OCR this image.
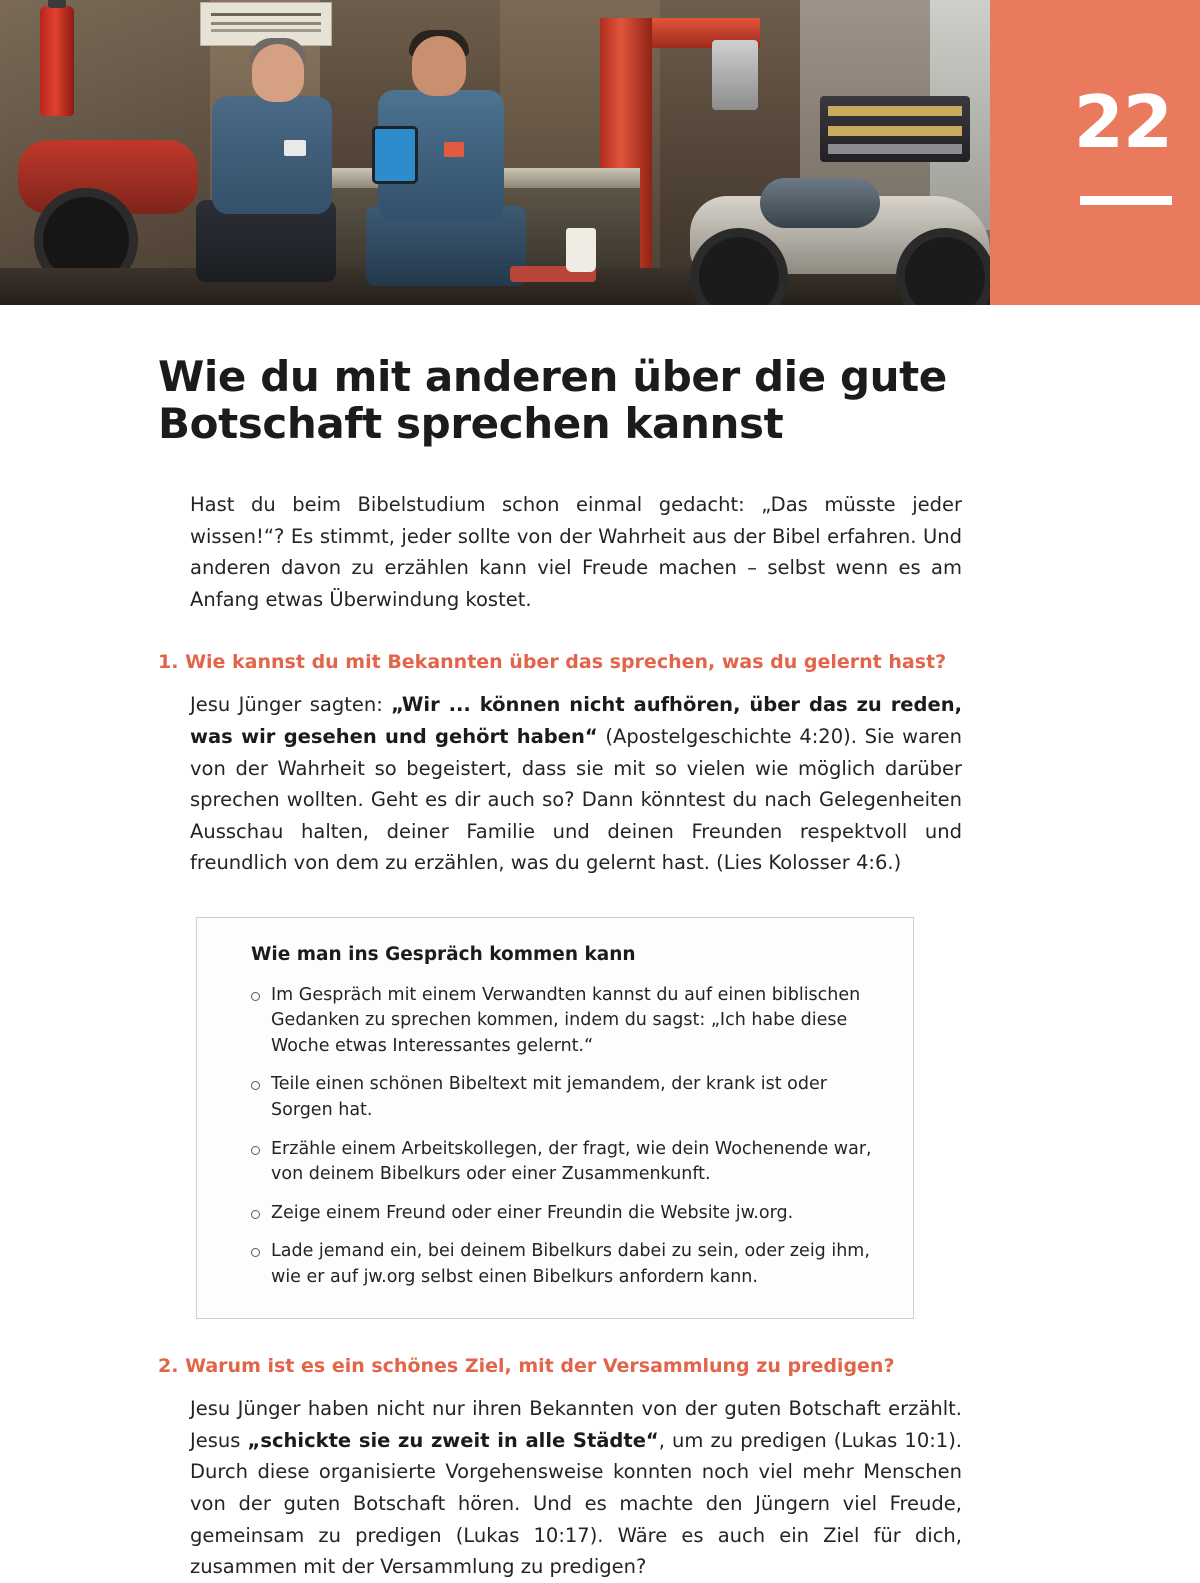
22
Wie du mit anderen über die gute Botschaft sprechen kannst

Hast du beim Bibelstudium schon einmal gedacht: „Das müsste jeder wissen!“? Es stimmt, jeder sollte von der Wahrheit aus der Bibel erfahren. Und anderen davon zu erzählen kann viel Freude machen – selbst wenn es am Anfang etwas Überwindung kostet.

1. Wie kannst du mit Bekannten über das sprechen, was du gelernt hast?

Jesu Jünger sagten: „Wir ... können nicht aufhören, über das zu reden, was wir gesehen und gehört haben“ (Apostelgeschichte 4:20). Sie waren von der Wahrheit so begeistert, dass sie mit so vielen wie möglich darüber sprechen wollten. Geht es dir auch so? Dann könntest du nach Gelegenheiten Ausschau halten, deiner Familie und deinen Freunden respektvoll und freundlich von dem zu erzählen, was du gelernt hast. (Lies Kolosser 4:6.)

Wie man ins Gespräch kommen kann
Im Gespräch mit einem Verwandten kannst du auf einen biblischen Gedanken zu sprechen kommen, indem du sagst: „Ich habe diese Woche etwas Interessantes gelernt.“
Teile einen schönen Bibeltext mit jemandem, der krank ist oder Sorgen hat.
Erzähle einem Arbeitskollegen, der fragt, wie dein Wochenende war, von deinem Bibelkurs oder einer Zusammenkunft.
Zeige einem Freund oder einer Freundin die Website jw.org.
Lade jemand ein, bei deinem Bibelkurs dabei zu sein, oder zeig ihm, wie er auf jw.org selbst einen Bibelkurs anfordern kann.
2. Warum ist es ein schönes Ziel, mit der Versammlung zu predigen?

Jesu Jünger haben nicht nur ihren Bekannten von der guten Botschaft erzählt. Jesus „schickte sie zu zweit in alle Städte“, um zu predigen (Lukas 10:1). Durch diese organisierte Vorgehensweise konnten noch viel mehr Menschen von der guten Botschaft hören. Und es machte den Jüngern viel Freude, gemeinsam zu predigen (Lukas 10:17). Wäre es auch ein Ziel für dich, zusammen mit der Versammlung zu predigen?
